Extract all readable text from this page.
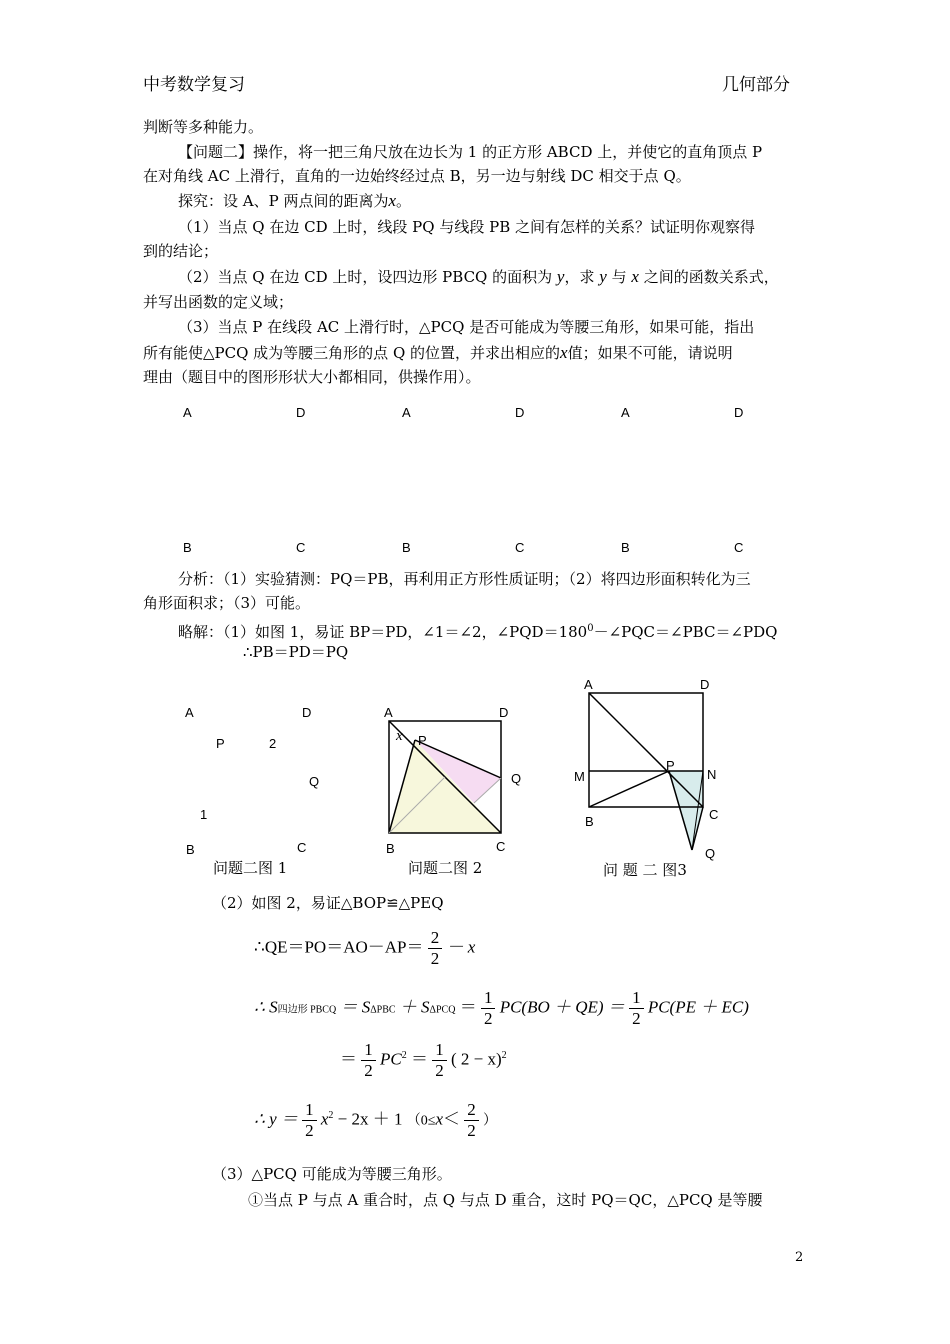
中考数学复习	几何部分
判断等多种能力。
【问题二】操作，将一把三角尺放在边长为 1 的正方形 ABCD 上，并使它的直角顶点 P
在对角线 AC 上滑行，直角的一边始终经过点 B，另一边与射线 DC 相交于点 Q。
探究：设 A、P 两点间的距离为x。
（1）当点 Q 在边 CD 上时，线段 PQ 与线段 PB 之间有怎样的关系？试证明你观察得
到的结论；
（2）当点 Q 在边 CD 上时，设四边形 PBCQ 的面积为 y，求 y 与 x 之间的函数关系式，
并写出函数的定义域；
（3）当点 P 在线段 AC 上滑行时，△PCQ 是否可能成为等腰三角形，如果可能，指出
所有能使△PCQ 成为等腰三角形的点 Q 的位置，并求出相应的x值；如果不可能，请说明
理由（题目中的图形形状大小都相同，供操作用）。
A	D	A	D	A	D
B	C	B	C	B	C
分析：（1）实验猜测：PQ＝PB，再利用正方形性质证明；（2）将四边形面积转化为三
角形面积求；（3）可能。
略解：（1）如图 1，易证 BP＝PD，∠1＝∠2，$\angle PQD=180^0-\angle PQC=\angle PBC=\angle PDQ$
∴PB＝PD＝PQ
A	D
P	2
Q
1
B	C
问题二图 1
A	D
x P
Q
B	C
问题二图 2
A	D
P
M	N
C
B
Q
问 题 二 图3
（2）如图 2，易证△BOP≌△PEQ
∴QE＝PO＝AO－AP＝ $\frac{2}{2} - x$
∴ S四边形 PBCQ ＝ $S\Delta PBC + S\Delta PCQ = \frac{1}{2} PC(BO + QE) = \frac{1}{2} PC(PE + EC)$
＝ $\frac{1}{2} PC^2 = \frac{1}{2}$ ( 2 − x)$^2$
∴ $y = \frac{1}{2} x^2 - 2x + 1$ （$0\le x< \frac{2}{2}$ ）
（3）△PCQ 可能成为等腰三角形。
①当点 P 与点 A 重合时，点 Q 与点 D 重合，这时 PQ＝QC，△PCQ 是等腰
2
